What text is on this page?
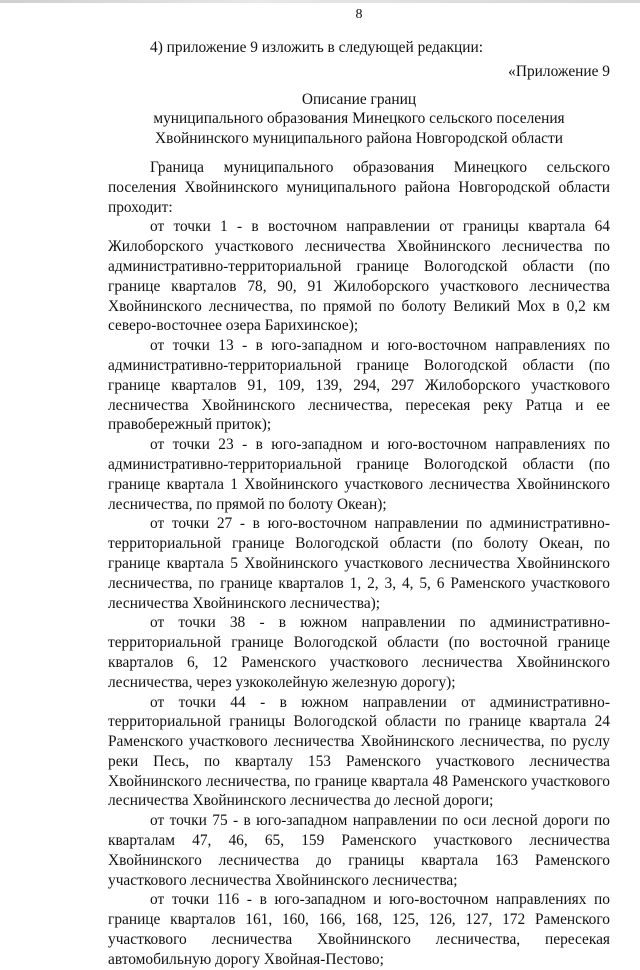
8

4) приложение 9 изложить в следующей редакции:

«Приложение 9

Описание границ
муниципального образования Минецкого сельского поселения
Хвойнинского муниципального района Новгородской области

Граница муниципального образования Минецкого сельского поселения Хвойнинского муниципального района Новгородской области проходит:

от точки 1 - в восточном направлении от границы квартала 64 Жилоборского участкового лесничества Хвойнинского лесничества по административно-территориальной границе Вологодской области (по границе кварталов 78, 90, 91 Жилоборского участкового лесничества Хвойнинского лесничества, по прямой по болоту Великий Мох в 0,2 км северо-восточнее озера Барихинское);

от точки 13 - в юго-западном и юго-восточном направлениях по административно-территориальной границе Вологодской области (по границе кварталов 91, 109, 139, 294, 297 Жилоборского участкового лесничества Хвойнинского лесничества, пересекая реку Ратца и ее правобережный приток);

от точки 23 - в юго-западном и юго-восточном направлениях по административно-территориальной границе Вологодской области (по границе квартала 1 Хвойнинского участкового лесничества Хвойнинского лесничества, по прямой по болоту Океан);

от точки 27 - в юго-восточном направлении по административно-территориальной границе Вологодской области (по болоту Океан, по границе квартала 5 Хвойнинского участкового лесничества Хвойнинского лесничества, по границе кварталов 1, 2, 3, 4, 5, 6 Раменского участкового лесничества Хвойнинского лесничества);

от точки 38 - в южном направлении по административно-территориальной границе Вологодской области (по восточной границе кварталов 6, 12 Раменского участкового лесничества Хвойнинского лесничества, через узкоколейную железную дорогу);

от точки 44 - в южном направлении от административно-территориальной границы Вологодской области по границе квартала 24 Раменского участкового лесничества Хвойнинского лесничества, по руслу реки Песь, по кварталу 153 Раменского участкового лесничества Хвойнинского лесничества, по границе квартала 48 Раменского участкового лесничества Хвойнинского лесничества до лесной дороги;

от точки 75 - в юго-западном направлении по оси лесной дороги по кварталам 47, 46, 65, 159 Раменского участкового лесничества Хвойнинского лесничества до границы квартала 163 Раменского участкового лесничества Хвойнинского лесничества;

от точки 116 - в юго-западном и юго-восточном направлениях по границе кварталов 161, 160, 166, 168, 125, 126, 127, 172 Раменского участкового лесничества Хвойнинского лесничества, пересекая автомобильную дорогу Хвойная-Пестово;
